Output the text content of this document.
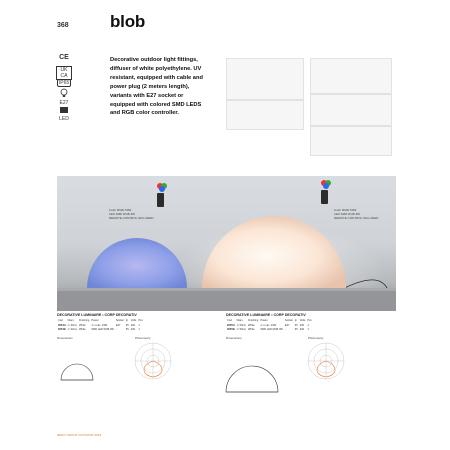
368 blob
CE
UK CA
IP65
E27
LED
Decorative outdoor light fittings, diffuser of white polyethylene. UV resistant, equipped with cable and power plug (2 meters length), variants with E27 socket or equipped with colored SMD LEDS and RGB color controller.
Color RGB/ 60W
LED SMD RGB 3W
REMOTE CONTROL INCLUDED
Color RGB/ 60W
LED SMD RGB 3W
REMOTE CONTROL INCLUDED
DECORATIVE LUMINAIRE • CORP DECORATIV
Cod	Diam.	Finishing	Power	Socket	Ip	Volts	Pcs
9054H	∅ 30cm	White	1 x max. 23W	E27	65	230	1
9054B	∅ 30cm	White	SMD LED RGB 3W	-	65	230	1
Dimensions	Photometry
DECORATIVE LUMINAIRE • CORP DECORATIV
Cod	Diam.	Finishing	Power	Socket	Ip	Volts	Pcs
9055H	∅ 50cm	White	1 x max. 23W	E27	65	230	1
9055B	∅ 50cm	White	SMD LED RGB 3W	-	65	230	1
Dimensions	Photometry
REDO GROUP OUTDOOR 2023
